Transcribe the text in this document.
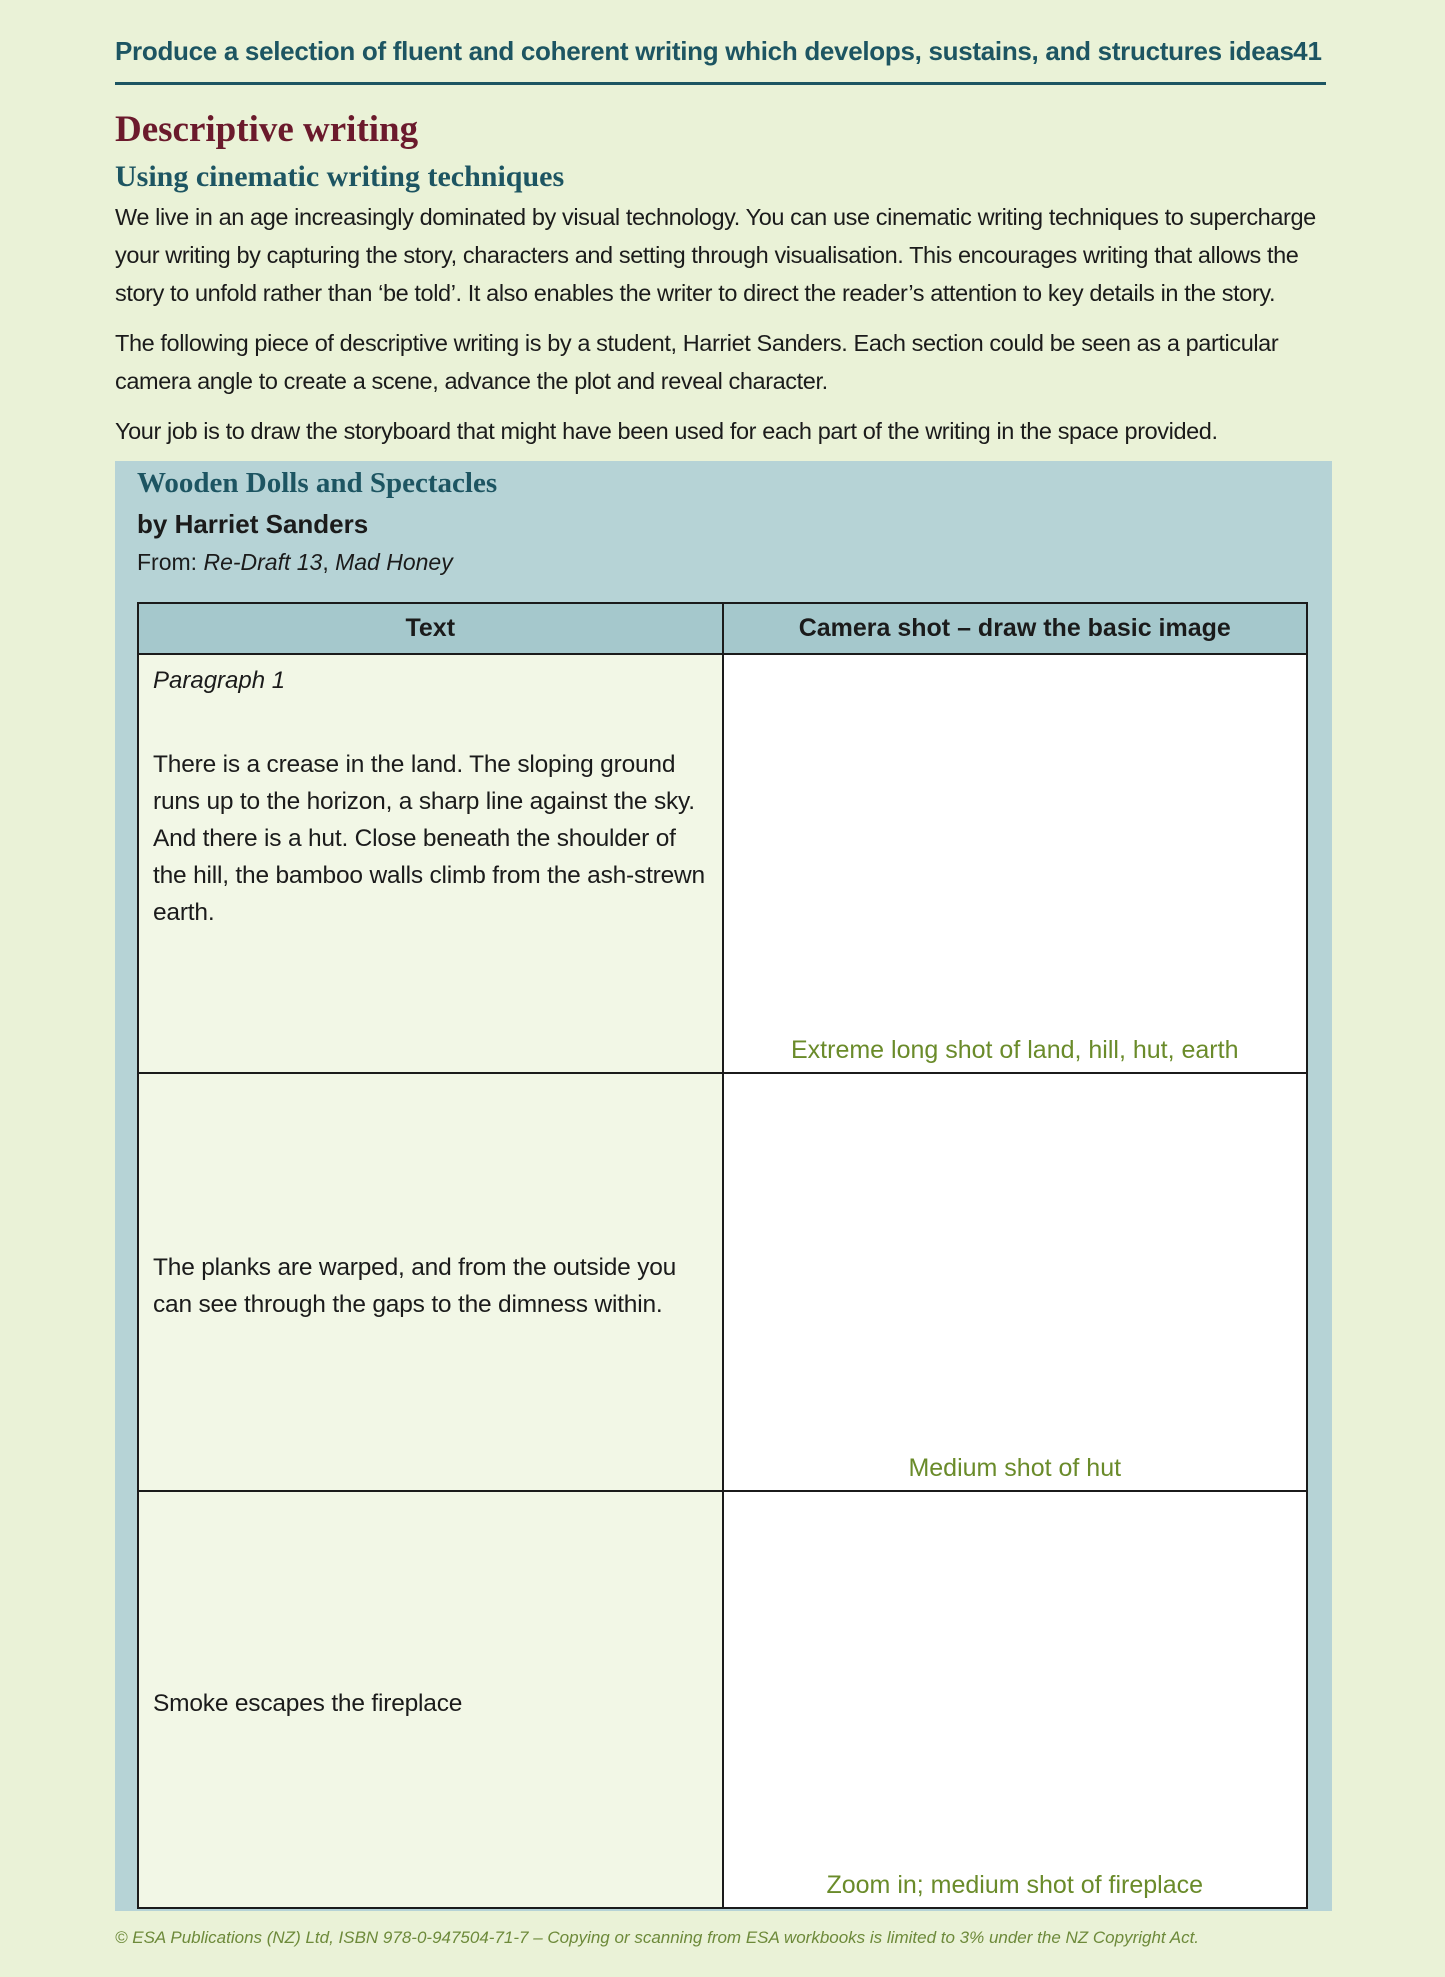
Produce a selection of fluent and coherent writing which develops, sustains, and structures ideas 41
Descriptive writing
Using cinematic writing techniques

We live in an age increasingly dominated by visual technology. You can use cinematic writing techniques to supercharge your writing by capturing the story, characters and setting through visualisation. This encourages writing that allows the story to unfold rather than ‘be told’. It also enables the writer to direct the reader’s attention to key details in the story.

The following piece of descriptive writing is by a student, Harriet Sanders. Each section could be seen as a particular camera angle to create a scene, advance the plot and reveal character.

Your job is to draw the storyboard that might have been used for each part of the writing in the space provided.

Wooden Dolls and Spectacles
by Harriet Sanders
From: Re-Draft 13, Mad Honey
Text	Camera shot – draw the basic image

Paragraph 1
There is a crease in the land. The sloping ground runs up to the horizon, a sharp line against the sky. And there is a hut. Close beneath the shoulder of the hill, the bamboo walls climb from the ash-strewn earth.	Extreme long shot of land, hill, hut, earth

The planks are warped, and from the outside you can see through the gaps to the dimness within.	Medium shot of hut

Smoke escapes the fireplace	Zoom in; medium shot of fireplace
© ESA Publications (NZ) Ltd, ISBN 978-0-947504-71-7 – Copying or scanning from ESA workbooks is limited to 3% under the NZ Copyright Act.
